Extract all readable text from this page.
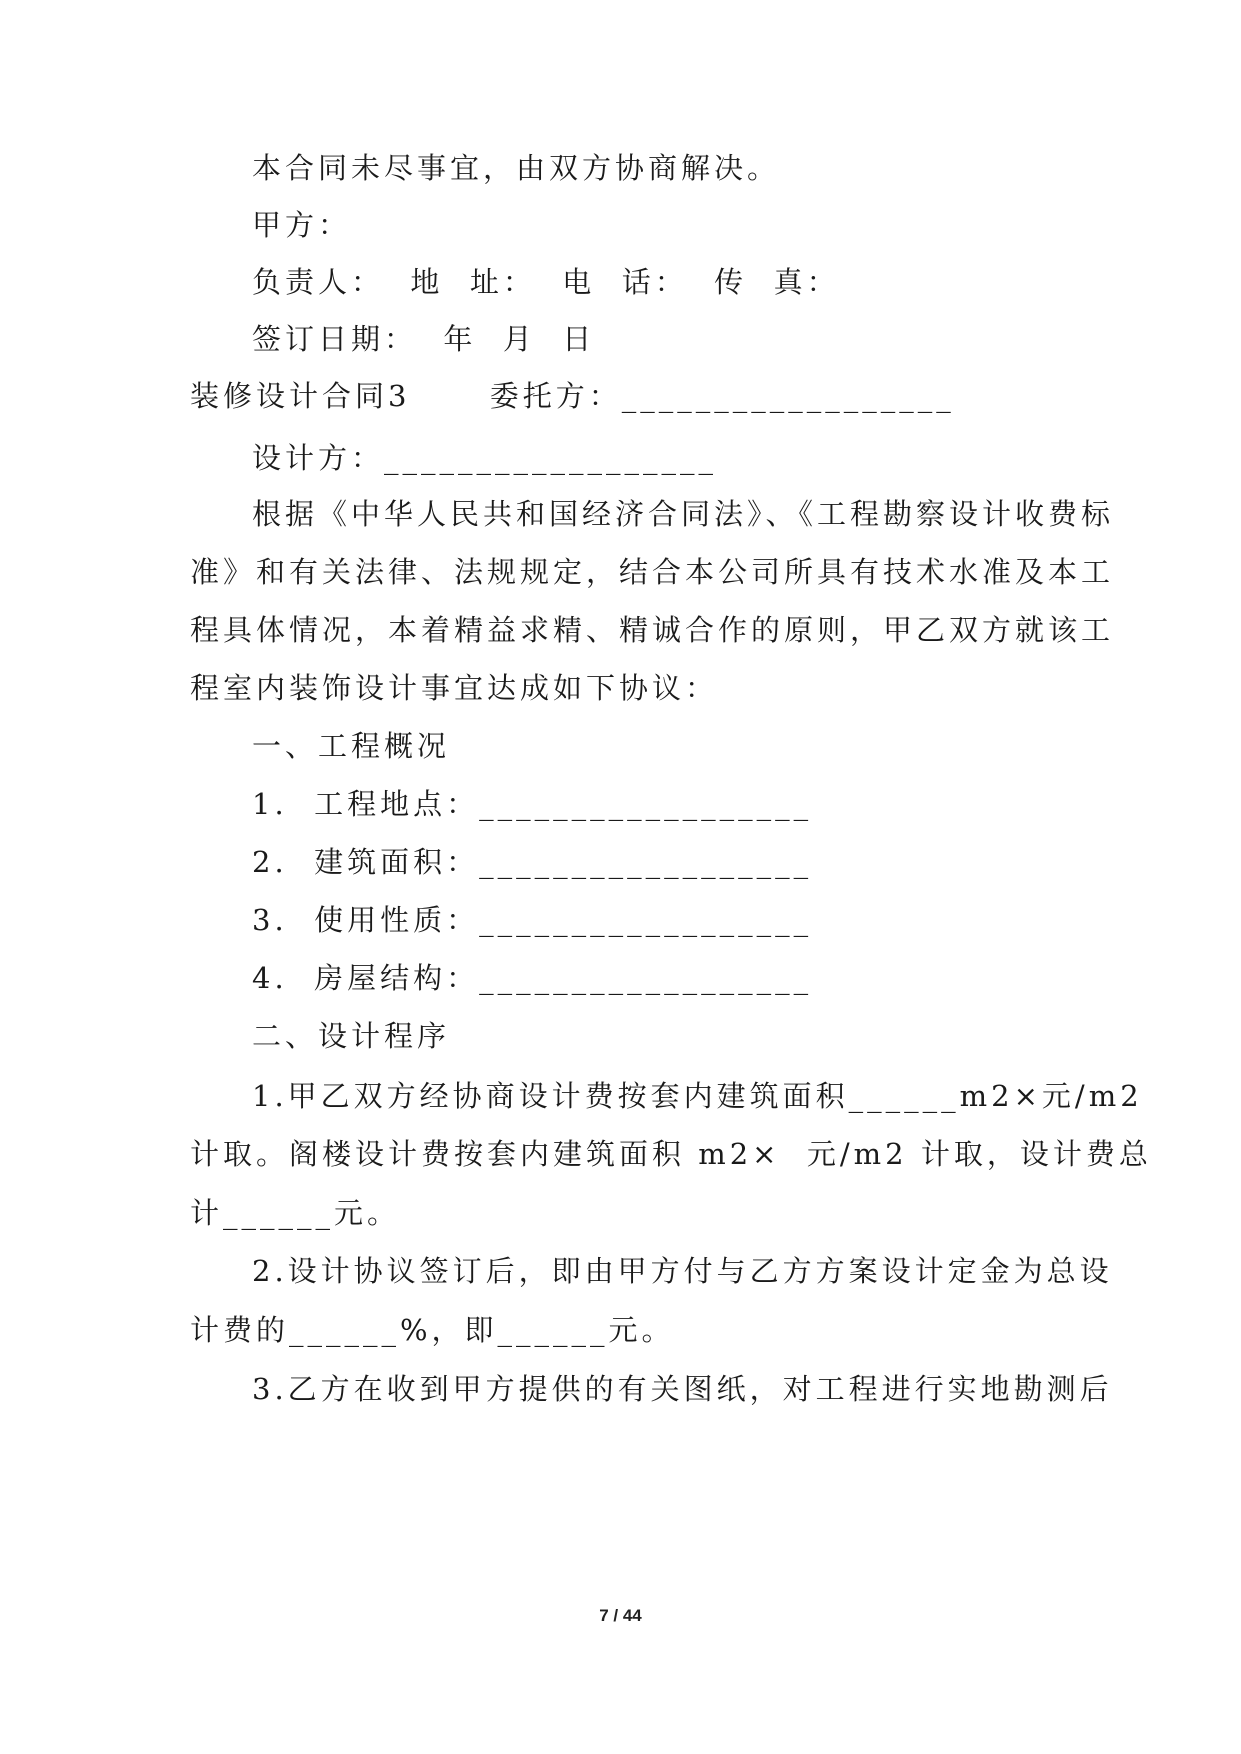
本合同未尽事宜，由双方协商解决。
甲方：
负责人：  地  址：  电  话：  传  真：
签订日期：  年  月  日
装修设计合同3      委托方：__________________
设计方：__________________
根据《中华人民共和国经济合同法》、《工程勘察设计收费标
准》和有关法律、法规规定，结合本公司所具有技术水准及本工
程具体情况，本着精益求精、精诚合作的原则，甲乙双方就该工
程室内装饰设计事宜达成如下协议：
一、工程概况
1.  工程地点：__________________
2.  建筑面积：__________________
3.  使用性质：__________________
4.  房屋结构：__________________
二、设计程序
1.甲乙双方经协商设计费按套内建筑面积______m2×元/m2
计取。阁楼设计费按套内建筑面积 m2×  元/m2 计取，设计费总
计______元。
2.设计协议签订后，即由甲方付与乙方方案设计定金为总设
计费的______%，即______元。
3.乙方在收到甲方提供的有关图纸，对工程进行实地勘测后
7 / 44
